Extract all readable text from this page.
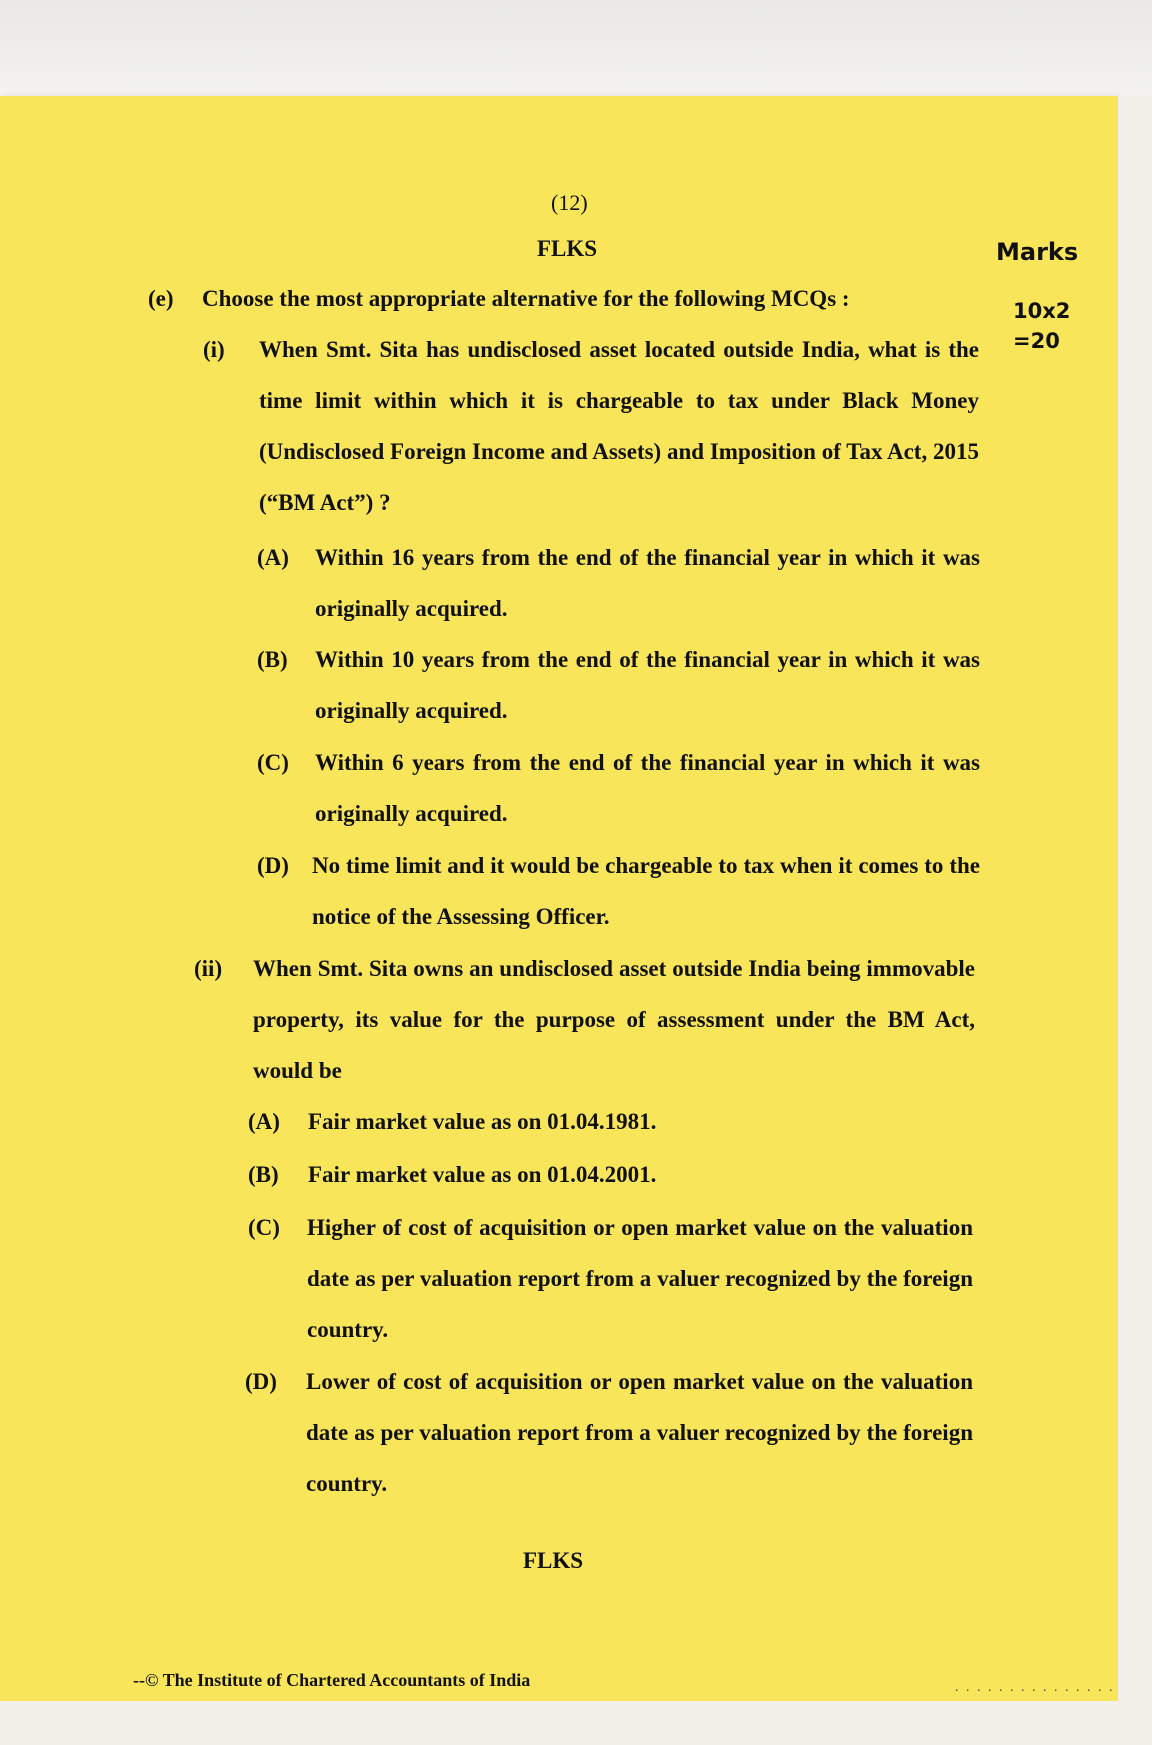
(12)
FLKS	Marks
10x2
=20
(e) Choose the most appropriate alternative for the following MCQs :
(i) When Smt. Sita has undisclosed asset located outside India, what is the time limit within which it is chargeable to tax under Black Money (Undisclosed Foreign Income and Assets) and Imposition of Tax Act, 2015 (“BM Act”) ?
(A) Within 16 years from the end of the financial year in which it was originally acquired.
(B) Within 10 years from the end of the financial year in which it was originally acquired.
(C) Within 6 years from the end of the financial year in which it was originally acquired.
(D) No time limit and it would be chargeable to tax when it comes to the notice of the Assessing Officer.
(ii) When Smt. Sita owns an undisclosed asset outside India being immovable property, its value for the purpose of assessment under the BM Act, would be
(A) Fair market value as on 01.04.1981.
(B) Fair market value as on 01.04.2001.
(C) Higher of cost of acquisition or open market value on the valuation date as per valuation report from a valuer recognized by the foreign country.
(D) Lower of cost of acquisition or open market value on the valuation date as per valuation report from a valuer recognized by the foreign country.
FLKS
--© The Institute of Chartered Accountants of India	. . . . . . . . . . . . . . .
